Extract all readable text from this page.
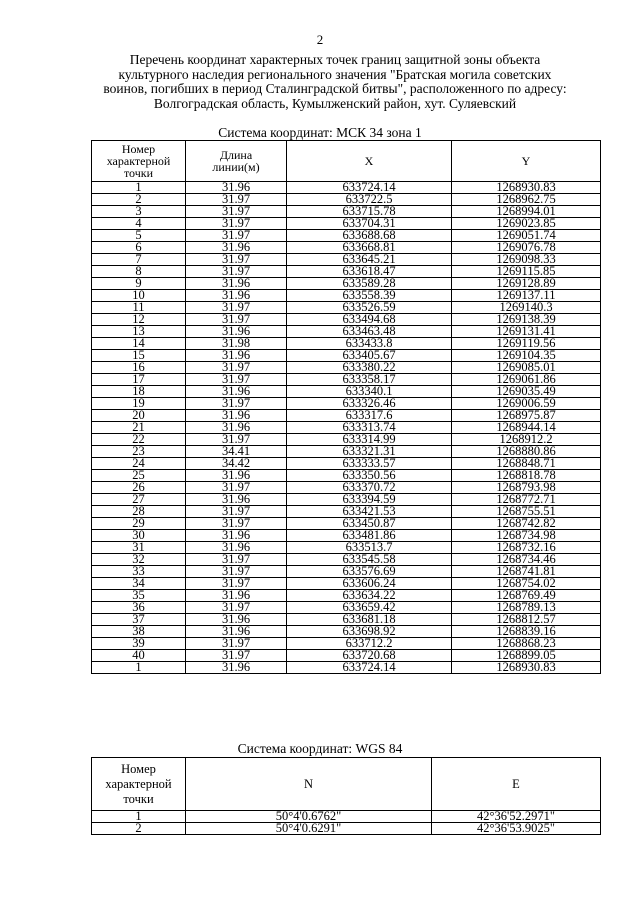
2
Перечень координат характерных точек границ защитной зоны объекта культурного наследия регионального значения "Братская могила советских воинов, погибших в период Сталинградской битвы", расположенного по адресу: Волгоградская область, Кумылженский район, хут. Суляевский
Система координат: МСК 34 зона 1
Номер характерной точки	Длина линии(м)	X	Y
1	31.96	633724.14	1268930.83
2	31.97	633722.5	1268962.75
3	31.97	633715.78	1268994.01
4	31.97	633704.31	1269023.85
5	31.97	633688.68	1269051.74
6	31.96	633668.81	1269076.78
7	31.97	633645.21	1269098.33
8	31.97	633618.47	1269115.85
9	31.96	633589.28	1269128.89
10	31.96	633558.39	1269137.11
11	31.97	633526.59	1269140.3
12	31.97	633494.68	1269138.39
13	31.96	633463.48	1269131.41
14	31.98	633433.8	1269119.56
15	31.96	633405.67	1269104.35
16	31.97	633380.22	1269085.01
17	31.97	633358.17	1269061.86
18	31.96	633340.1	1269035.49
19	31.97	633326.46	1269006.59
20	31.96	633317.6	1268975.87
21	31.96	633313.74	1268944.14
22	31.97	633314.99	1268912.2
23	34.41	633321.31	1268880.86
24	34.42	633333.57	1268848.71
25	31.96	633350.56	1268818.78
26	31.97	633370.72	1268793.98
27	31.96	633394.59	1268772.71
28	31.97	633421.53	1268755.51
29	31.97	633450.87	1268742.82
30	31.96	633481.86	1268734.98
31	31.96	633513.7	1268732.16
32	31.97	633545.58	1268734.46
33	31.97	633576.69	1268741.81
34	31.97	633606.24	1268754.02
35	31.96	633634.22	1268769.49
36	31.97	633659.42	1268789.13
37	31.96	633681.18	1268812.57
38	31.96	633698.92	1268839.16
39	31.97	633712.2	1268868.23
40	31.97	633720.68	1268899.05
1	31.96	633724.14	1268930.83
Система координат: WGS 84
Номер характерной точки	N	E
1	50°4'0.6762"	42°36'52.2971"
2	50°4'0.6291"	42°36'53.9025"
